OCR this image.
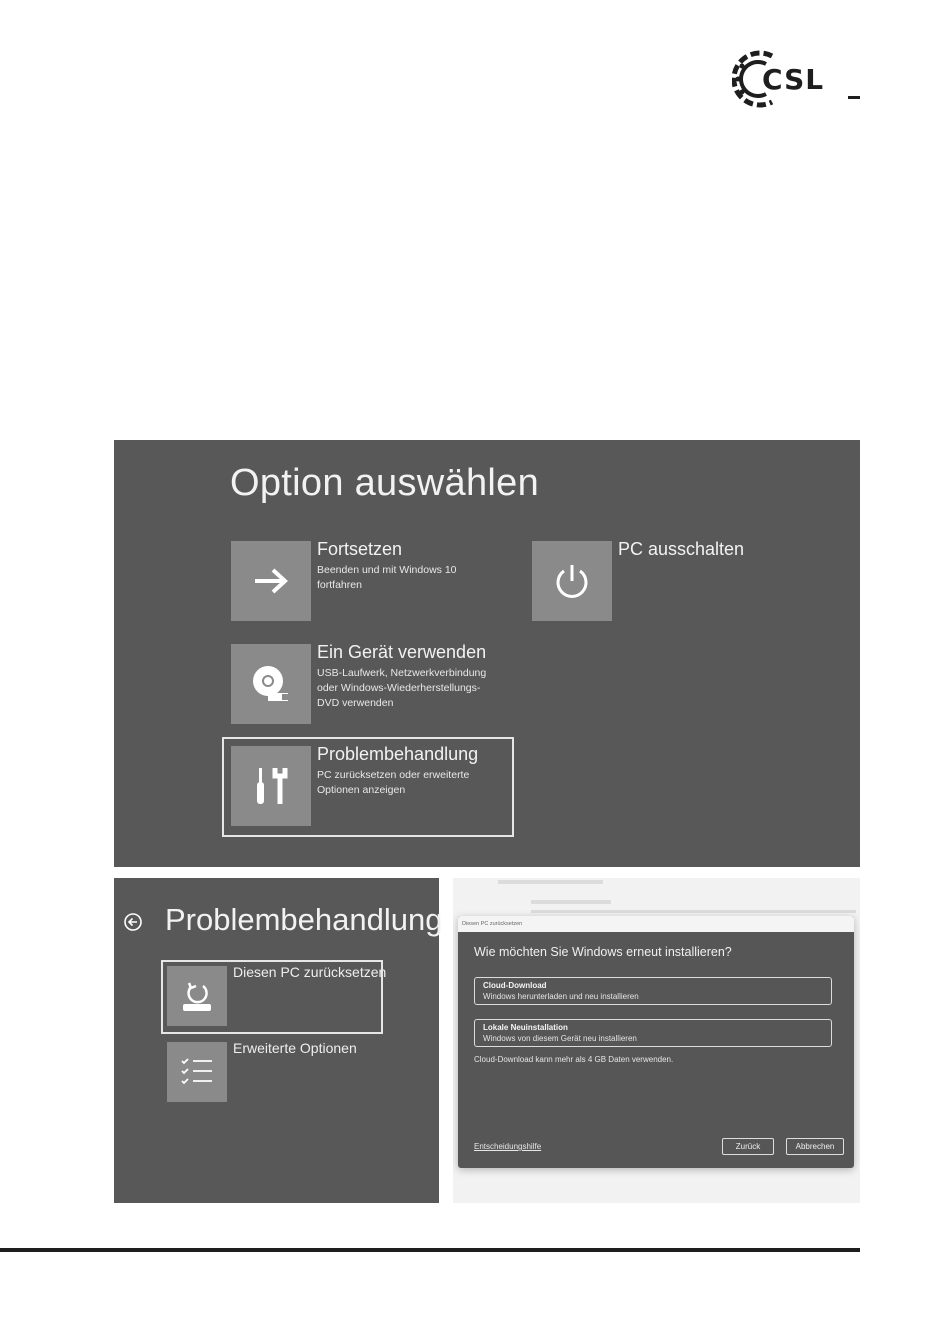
CSL
Option auswählen
Fortsetzen
Beenden und mit Windows 10 fortfahren
PC ausschalten
Ein Gerät verwenden
USB-Laufwerk, Netzwerkverbindung oder Windows-Wiederherstellungs-DVD verwenden
Problembehandlung
PC zurücksetzen oder erweiterte Optionen anzeigen
Problembehandlung
Diesen PC zurücksetzen
Erweiterte Optionen
Diesen PC zurücksetzen
Wie möchten Sie Windows erneut installieren?
Cloud-Download
Windows herunterladen und neu installieren
Lokale Neuinstallation
Windows von diesem Gerät neu installieren
Cloud-Download kann mehr als 4 GB Daten verwenden.
Entscheidungshilfe	Zurück	Abbrechen
